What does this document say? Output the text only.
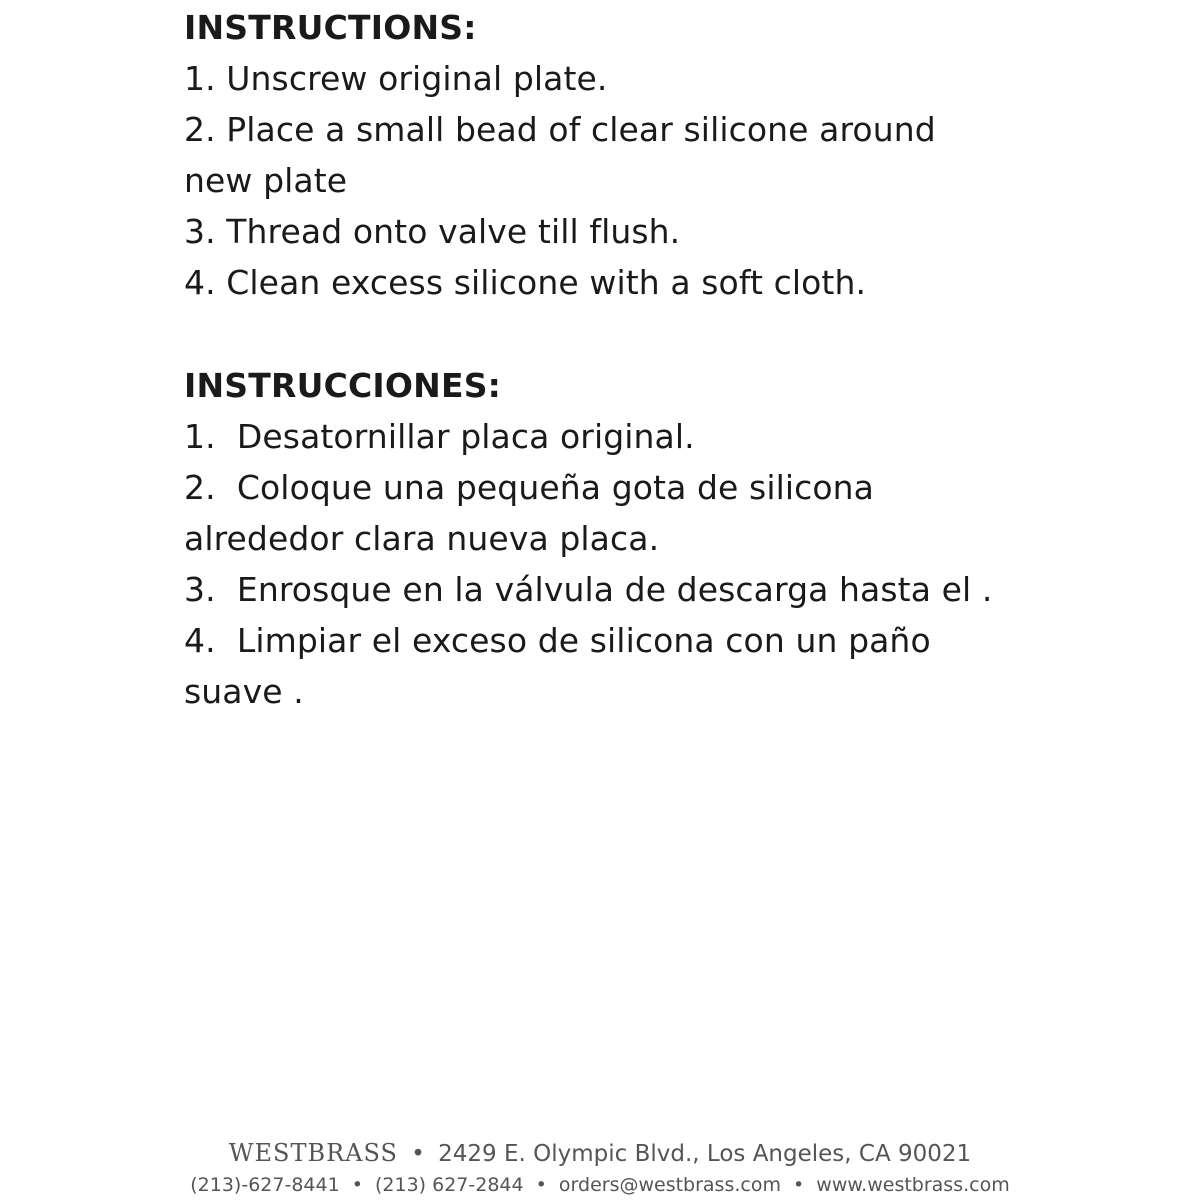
INSTRUCTIONS:

1. Unscrew original plate.

2. Place a small bead of clear silicone around new plate

3. Thread onto valve till flush.

4. Clean excess silicone with a soft cloth.

INSTRUCCIONES:

1.  Desatornillar placa original.

2.  Coloque una pequeña gota de silicona alrededor clara nueva placa.

3.  Enrosque en la válvula de descarga hasta el .

4.  Limpiar el exceso de silicona con un paño suave .

WESTBRASS • 2429 E. Olympic Blvd., Los Angeles, CA 90021
(213)-627-8441 • (213) 627-2844 • orders@westbrass.com • www.westbrass.com
